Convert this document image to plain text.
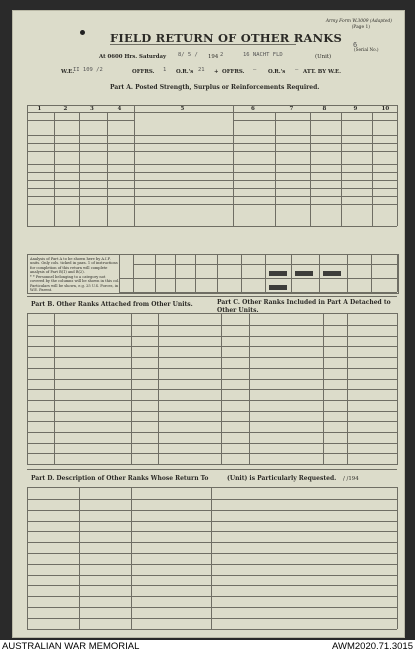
Army Form W.3009 (Adapted)
(Page 1)
FIELD RETURN OF OTHER RANKS
At 0600 Hrs. Saturday 8/ 5 / 194 2	16 NACHT FLD	(Unit)
(Serial No.)
6
W.E.
II 109 /2	OFFRS. 1	21
O.R.'s	+ OFFRS. – O.R.'s – ATT. BY W.E.
Part A. Posted Strength, Surplus or Reinforcements Required.
1	2	3	4	5	6	7	8	9	10
Analysis of Part A to be shown here by A.I.F. units. Only cols. ticked in para. 1 of instructions for completion of this return will complete analysis of Part B(1) and B(2).
* * Personnel belonging to a category not covered by the columns will be shown in this col. Particulars will be shown, e.g. 25 U.S. Forces, in W.E. Parent.
Part B. Other Ranks Attached from Other Units.	Part C. Other Ranks Included in Part A Detached to Other Units.
Part D. Description of Other Ranks Whose Return To	(Unit) is Particularly Requested. / /194
AUSTRALIAN WAR MEMORIAL	AWM2020.71.3015
